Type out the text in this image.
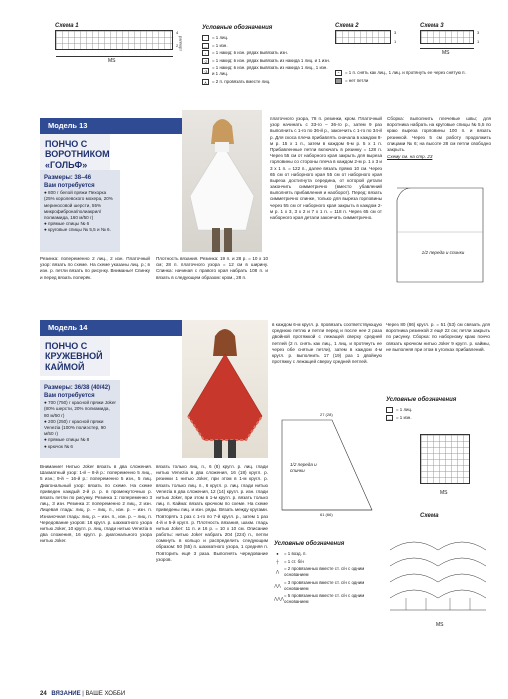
Схема 1
4
2 раппорт
MS
Условные обозначения
= 1 лиц.
—	= 1 изн.
◦	= 1 накид: в изн. рядах вывязать изн.
◦2	= 1 накид: в изн. рядах вывязать из накида 1 лиц. и 1 изн.
◦3
= 1 накид: в изн. рядах вывязать из накида 1 лиц., 1 изн. и 1 лиц.
∧	= 2 п. провязать вместе лиц.
Схема 2
3
1
⌃	= 1 п. снять как лиц., 1 лиц. и протянуть ее через снятую п.
= нет петли
Схема 3
3
1
MS
Модель 13
ПОНЧО С ВОРОТНИКОМ «ГОЛЬФ»
Размеры: 38–46
Вам потребуется
● 800 г белой пряжи Пехорка (25% королевского мохера, 20% мериносовой шерсти, 55% микрофиброна/полиакрил/полиамида, 160 м/50 г)
● прямые спицы № 6
● круговые спицы № 5,5 и № 6.
Резинка: попеременно 2 лиц., 2 изн. Платочный узор: вязать по схеме. На схеме указаны лиц. р.; в изн. р. петли вязать по рисунку. Вниманье! Спинку и перед вязать поперёк.
Плотность вязания. Резинка: 19 п. и 28 р. = 10 х 10 см; 28 п. платочного узора = 12 см в ширину. Спинка: начиная с правого края набрать 108 п. и вязать в следующем образом: кром., 28 п.
платочного узора, 78 п. резинки, кром. Платочный узор начинать с 33-го – 36-го р., затем 9 раз выполнить с 1-го по 36-й р., закончить с 1-го по 34-й р. Для скоса плеча прибавлять сначала в каждом 8-м р. 15 х 1 п., затем в каждом 6-м р. 5 х 1 п. Прибавленные петли включать в резинку = 128 п. Через 55 см от наборного края закрыть для выреза горловины со стороны плеча в каждом 2-м р. 1 х 3 и 3 х 1 п. = 122 п., далее вязать прямо 10 см. Через 65 см от наборного края 55 см от наборного края выреза достигнута середина, от которой детали закончить симметрично (вместо убавлений выполнять прибавления и наоборот). Перед: вязать симметрично спинке, только для выреза горловины через 55 см от наборного края закрыть в каждом 2-м р. 1 х 3, 3 х 2 и 7 х 1 п. = 118 п. Через 65 см от наборного края детали закончить симметрично.

Сборка: выполнить плечевые швы; для воротника набрать на круговые спицы № 5,5 по краю выреза горловины 100 п. и вязать резинкой. Через 5 см работу продолжить спицами № 6; на высоте 28 см петли свободно закрыть.

Схему см. на стр. 23

1/2 переда и спинки
Модель 14
ПОНЧО С КРУЖЕВНОЙ КАЙМОЙ
Размеры: 36/38 (40/42)
Вам потребуется
● 700 (750) г красной пряжи Joker (80% шерсти, 20% полиамида, 80 м/50 г)
● 200 (250) г красной пряжи Venezia (100% полиэстер, 90 м/50 г)
● прямые спицы № 8
● крючок № 6
Внимание! Нитью Joker вязать в два сложения. Шахматный узор: 1-й – 8-й р.: попеременно 5 лиц., 5 изн.; 9-й – 16-й р.: попеременно 5 изн., 5 лиц. Диагональный узор: вязать по схеме. На схеме приведен каждый 2-й р. р. в промежуточных р. вязать петли по рисунку. Резинка 1: попеременно 3 лиц., 3 изн. Резинка 2: попеременно 2 лиц., 2 изн. Лицевая гладь: лиц. р. – лиц. п., изн. р. – изн. п. Изнаночная гладь: лиц. р. – изн. п., изн. р. – лиц. п. Чередование узоров: 16 кругл. р. шахматного узора нитью Joker, 10 кругл. р. лиц. глади нитью Venezia в два сложения, 16 кругл. р. диагонального узора нитью Joker.
вязать только лиц. п., 6 (8) кругл. р. лиц. глади нитью Venezia в два сложения, 16 (18) кругл. р. резинки 1 нитью Joker, при этом в 1-м кругл. р. вязать только лиц. п., 6 кругл. р. лиц. глади нитью Venezia в два сложения, 12 (14) кругл. р. изн. глади нитью Joker, при этом в 1-м кругл. р. вязать только лиц. п. Кайма: вязать крючком по схеме. На схеме приведены лиц. и изн. ряды. Вязать между кругами. Повторять 1 раз с 1-го по 7-й кругл. р., затем 1 раз 4-й и 5-й кругл. р. Плотность вязания, шахм. гладь нитью Joker: 11 п. и 16 р. = 10 х 10 см. Описание работы: нитью Joker набрать 204 (224) п., петли сомкнуть в кольцо и распределить следующим образом: 50 (55) п. шахматного узора, 1 средняя п. Повторить ещё 3 раза. Выполнять чередование узоров.
в каждом 6-м кругл. р. провязать соответствующую среднюю петлю и петли перед и после нее 2 раза двойной протяжкой с лежащей сверху средней петлей (2 п. снять как лиц., 1 лиц. и протянуть ее через обе снятые петли), затем в каждом 4-м кругл. р. выполнить 17 (19) раз 1 двойную протяжку с лежащей сверху средней петлей.
Через 80 (86) кругл. р. = 51 (53) см связать для воротника резинкой 2 ещё 22 см; петли закрыть по рисунку. Сборка: по наборному краю пончо связать крючком нитью Joker 9 кругл. р. каймы, не выполняя при этом в уголках прибавлений.
1/2 переда и спинки
27 (28)
61 (66)
Условные обозначения
= 1 лиц.
—	= 1 изн.
MS
Схема
MS
Условные обозначения
●	= 1 возд. п.
┼	= 1 ст. б/н
⋀
= 2 провязанных вместе ст. с/н с одним основанием
⋀⋀
= 3 провязанных вместе ст. с/н с одним основанием
⋀⋀⋀
= 5 провязанных вместе ст. с/н с одним основанием
24 ВЯЗАНИЕ | ВАШЕ ХОББИ
